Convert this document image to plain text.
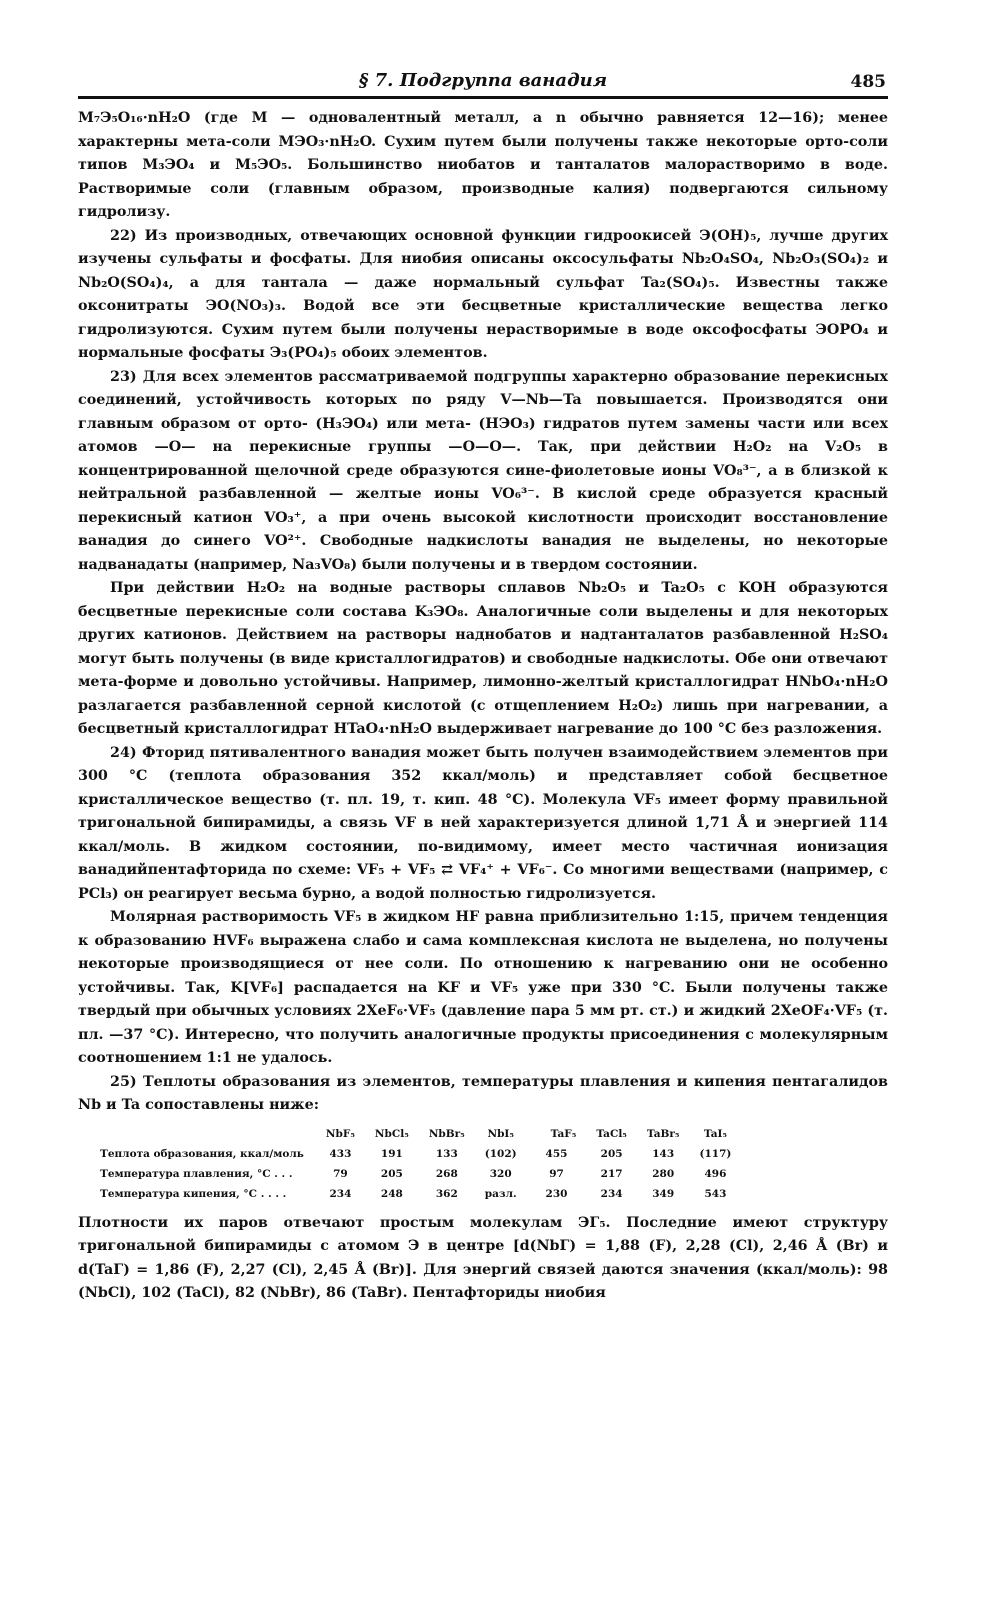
§ 7. Подгруппа ванадия	485

M₇Э₅O₁₆·nH₂O (где M — одновалентный металл, а n обычно равняется 12—16); менее характерны мета-соли MЭO₃·nH₂O. Сухим путем были получены также некоторые орто-соли типов M₃ЭO₄ и M₅ЭO₅. Большинство ниобатов и танталатов малорастворимо в воде. Растворимые соли (главным образом, производные калия) подвергаются сильному гидролизу.

22) Из производных, отвечающих основной функции гидроокисей Э(OH)₅, лучше других изучены сульфаты и фосфаты. Для ниобия описаны оксосульфаты Nb₂O₄SO₄, Nb₂O₃(SO₄)₂ и Nb₂O(SO₄)₄, а для тантала — даже нормальный сульфат Ta₂(SO₄)₅. Известны также оксонитраты ЭO(NO₃)₃. Водой все эти бесцветные кристаллические вещества легко гидролизуются. Сухим путем были получены нерастворимые в воде оксофосфаты ЭOPO₄ и нормальные фосфаты Э₃(PO₄)₅ обоих элементов.

23) Для всех элементов рассматриваемой подгруппы характерно образование перекисных соединений, устойчивость которых по ряду V—Nb—Ta повышается. Производятся они главным образом от орто- (H₃ЭO₄) или мета- (HЭO₃) гидратов путем замены части или всех атомов —O— на перекисные группы —O—O—. Так, при действии H₂O₂ на V₂O₅ в концентрированной щелочной среде образуются сине-фиолетовые ионы VO₈³⁻, а в близкой к нейтральной разбавленной — желтые ионы VO₆³⁻. В кислой среде образуется красный перекисный катион VO₃⁺, а при очень высокой кислотности происходит восстановление ванадия до синего VO²⁺. Свободные надкислоты ванадия не выделены, но некоторые надванадаты (например, Na₃VO₈) были получены и в твердом состоянии.

При действии H₂O₂ на водные растворы сплавов Nb₂O₅ и Ta₂O₅ с KOH образуются бесцветные перекисные соли состава K₃ЭO₈. Аналогичные соли выделены и для некоторых других катионов. Действием на растворы наднобатов и надтанталатов разбавленной H₂SO₄ могут быть получены (в виде кристаллогидратов) и свободные надкислоты. Обе они отвечают мета-форме и довольно устойчивы. Например, лимонно-желтый кристаллогидрат HNbO₄·nH₂O разлагается разбавленной серной кислотой (с отщеплением H₂O₂) лишь при нагревании, а бесцветный кристаллогидрат HTaO₄·nH₂O выдерживает нагревание до 100 °C без разложения.

24) Фторид пятивалентного ванадия может быть получен взаимодействием элементов при 300 °C (теплота образования 352 ккал/моль) и представляет собой бесцветное кристаллическое вещество (т. пл. 19, т. кип. 48 °C). Молекула VF₅ имеет форму правильной тригональной бипирамиды, а связь VF в ней характеризуется длиной 1,71 Å и энергией 114 ккал/моль. В жидком состоянии, по-видимому, имеет место частичная ионизация ванадийпентафторида по схеме: VF₅ + VF₅ ⇄ VF₄⁺ + VF₆⁻. Со многими веществами (например, с PCl₃) он реагирует весьма бурно, а водой полностью гидролизуется.

Молярная растворимость VF₅ в жидком HF равна приблизительно 1:15, причем тенденция к образованию HVF₆ выражена слабо и сама комплексная кислота не выделена, но получены некоторые производящиеся от нее соли. По отношению к нагреванию они не особенно устойчивы. Так, K[VF₆] распадается на KF и VF₅ уже при 330 °C. Были получены также твердый при обычных условиях 2XeF₆·VF₅ (давление пара 5 мм рт. ст.) и жидкий 2XeOF₄·VF₅ (т. пл. —37 °C). Интересно, что получить аналогичные продукты присоединения с молекулярным соотношением 1:1 не удалось.

25) Теплоты образования из элементов, температуры плавления и кипения пентагалидов Nb и Ta сопоставлены ниже:

	NbF₅	NbCl₅	NbBr₅	NbI₅	TaF₅	TaCl₅	TaBr₅	TaI₅
Теплота образования, ккал/моль	433	191	133	(102)	455	205	143	(117)
Температура плавления, °C . . .	79	205	268	320	97	217	280	496
Температура кипения, °C . . . .	234	248	362	разл.	230	234	349	543

Плотности их паров отвечают простым молекулам ЭГ₅. Последние имеют структуру тригональной бипирамиды с атомом Э в центре [d(NbГ) = 1,88 (F), 2,28 (Cl), 2,46 Å (Br) и d(TaГ) = 1,86 (F), 2,27 (Cl), 2,45 Å (Br)]. Для энергий связей даются значения (ккал/моль): 98 (NbCl), 102 (TaCl), 82 (NbBr), 86 (TaBr). Пентафториды ниобия
